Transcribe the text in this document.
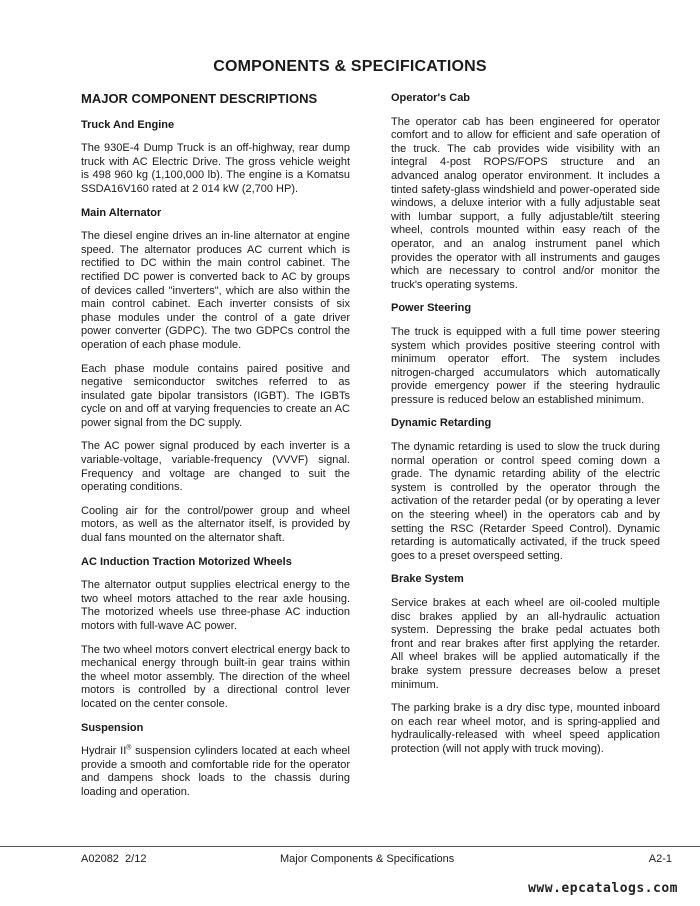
COMPONENTS & SPECIFICATIONS
MAJOR COMPONENT DESCRIPTIONS
Truck And Engine

The 930E-4 Dump Truck is an off-highway, rear dump truck with AC Electric Drive. The gross vehicle weight is 498 960 kg (1,100,000 lb). The engine is a Komatsu SSDA16V160 rated at 2 014 kW (2,700 HP).

Main Alternator

The diesel engine drives an in-line alternator at engine speed. The alternator produces AC current which is rectified to DC within the main control cabinet. The rectified DC power is converted back to AC by groups of devices called "inverters", which are also within the main control cabinet. Each inverter consists of six phase modules under the control of a gate driver power converter (GDPC). The two GDPCs control the operation of each phase module.

Each phase module contains paired positive and negative semiconductor switches referred to as insulated gate bipolar transistors (IGBT). The IGBTs cycle on and off at varying frequencies to create an AC power signal from the DC supply.

The AC power signal produced by each inverter is a variable-voltage, variable-frequency (VVVF) signal. Frequency and voltage are changed to suit the operating conditions.

Cooling air for the control/power group and wheel motors, as well as the alternator itself, is provided by dual fans mounted on the alternator shaft.

AC Induction Traction Motorized Wheels

The alternator output supplies electrical energy to the two wheel motors attached to the rear axle housing. The motorized wheels use three-phase AC induction motors with full-wave AC power.

The two wheel motors convert electrical energy back to mechanical energy through built-in gear trains within the wheel motor assembly. The direction of the wheel motors is controlled by a directional control lever located on the center console.

Suspension

Hydrair II® suspension cylinders located at each wheel provide a smooth and comfortable ride for the operator and dampens shock loads to the chassis during loading and operation.

Operator's Cab

The operator cab has been engineered for operator comfort and to allow for efficient and safe operation of the truck. The cab provides wide visibility with an integral 4-post ROPS/FOPS structure and an advanced analog operator environment. It includes a tinted safety-glass windshield and power-operated side windows, a deluxe interior with a fully adjustable seat with lumbar support, a fully adjustable/tilt steering wheel, controls mounted within easy reach of the operator, and an analog instrument panel which provides the operator with all instruments and gauges which are necessary to control and/or monitor the truck's operating systems.

Power Steering

The truck is equipped with a full time power steering system which provides positive steering control with minimum operator effort. The system includes nitrogen-charged accumulators which automatically provide emergency power if the steering hydraulic pressure is reduced below an established minimum.

Dynamic Retarding

The dynamic retarding is used to slow the truck during normal operation or control speed coming down a grade. The dynamic retarding ability of the electric system is controlled by the operator through the activation of the retarder pedal (or by operating a lever on the steering wheel) in the operators cab and by setting the RSC (Retarder Speed Control). Dynamic retarding is automatically activated, if the truck speed goes to a preset overspeed setting.

Brake System

Service brakes at each wheel are oil-cooled multiple disc brakes applied by an all-hydraulic actuation system. Depressing the brake pedal actuates both front and rear brakes after first applying the retarder. All wheel brakes will be applied automatically if the brake system pressure decreases below a preset minimum.

The parking brake is a dry disc type, mounted inboard on each rear wheel motor, and is spring-applied and hydraulically-released with wheel speed application protection (will not apply with truck moving).

A02082  2/12	Major Components & Specifications	A2-1
www.epcatalogs.com
